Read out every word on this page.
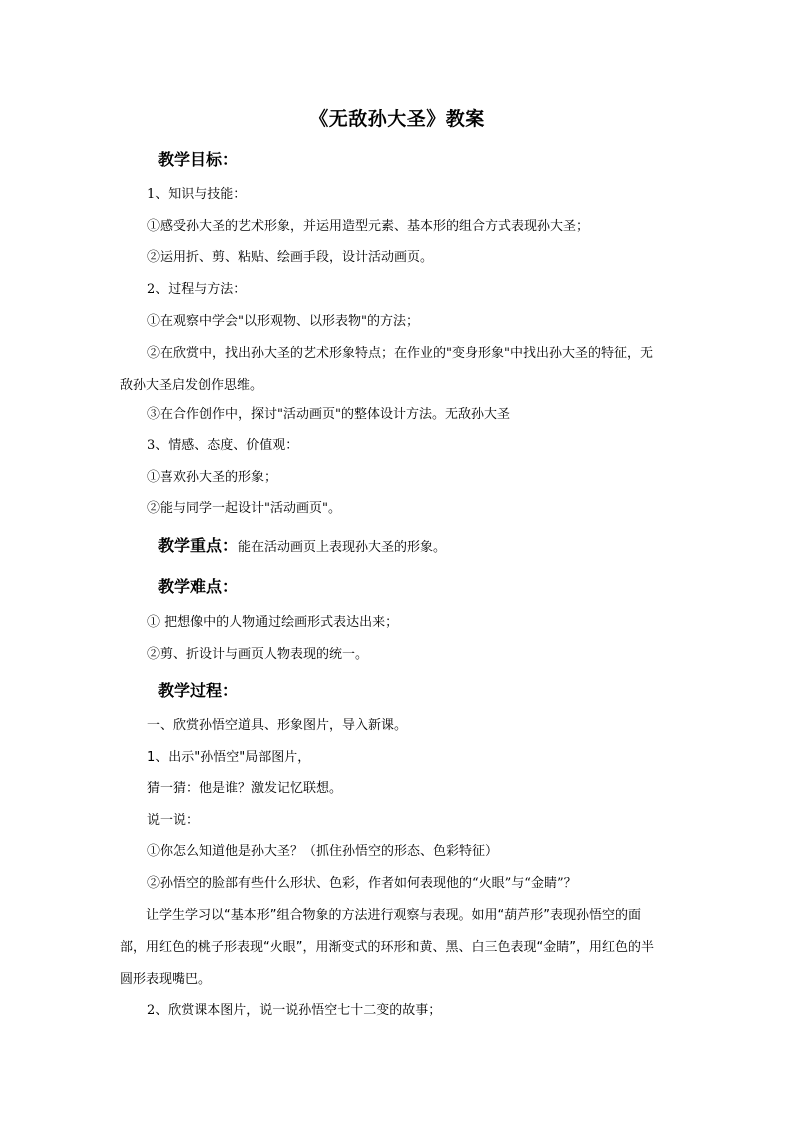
《无敌孙大圣》教案
教学目标：
1、知识与技能：
①感受孙大圣的艺术形象，并运用造型元素、基本形的组合方式表现孙大圣；
②运用折、剪、粘贴、绘画手段，设计活动画页。
2、过程与方法：
①在观察中学会"以形观物、以形表物"的方法；
②在欣赏中，找出孙大圣的艺术形象特点；在作业的"变身形象"中找出孙大圣的特征，无敌孙大圣启发创作思维。
③在合作创作中，探讨"活动画页"的整体设计方法。无敌孙大圣
3、情感、态度、价值观：
①喜欢孙大圣的形象；
②能与同学一起设计"活动画页"。
教学重点：能在活动画页上表现孙大圣的形象。
教学难点：
① 把想像中的人物通过绘画形式表达出来；
②剪、折设计与画页人物表现的统一。
教学过程：
一、欣赏孙悟空道具、形象图片，导入新课。
1、出示"孙悟空"局部图片，
猜一猜：他是谁？激发记忆联想。
说一说：
①你怎么知道他是孙大圣？（抓住孙悟空的形态、色彩特征）
②孙悟空的脸部有些什么形状、色彩，作者如何表现他的“火眼”与“金睛”？
让学生学习以“基本形”组合物象的方法进行观察与表现。如用“葫芦形”表现孙悟空的面部，用红色的桃子形表现“火眼”，用渐变式的环形和黄、黑、白三色表现“金睛”，用红色的半圆形表现嘴巴。
2、欣赏课本图片，说一说孙悟空七十二变的故事；
